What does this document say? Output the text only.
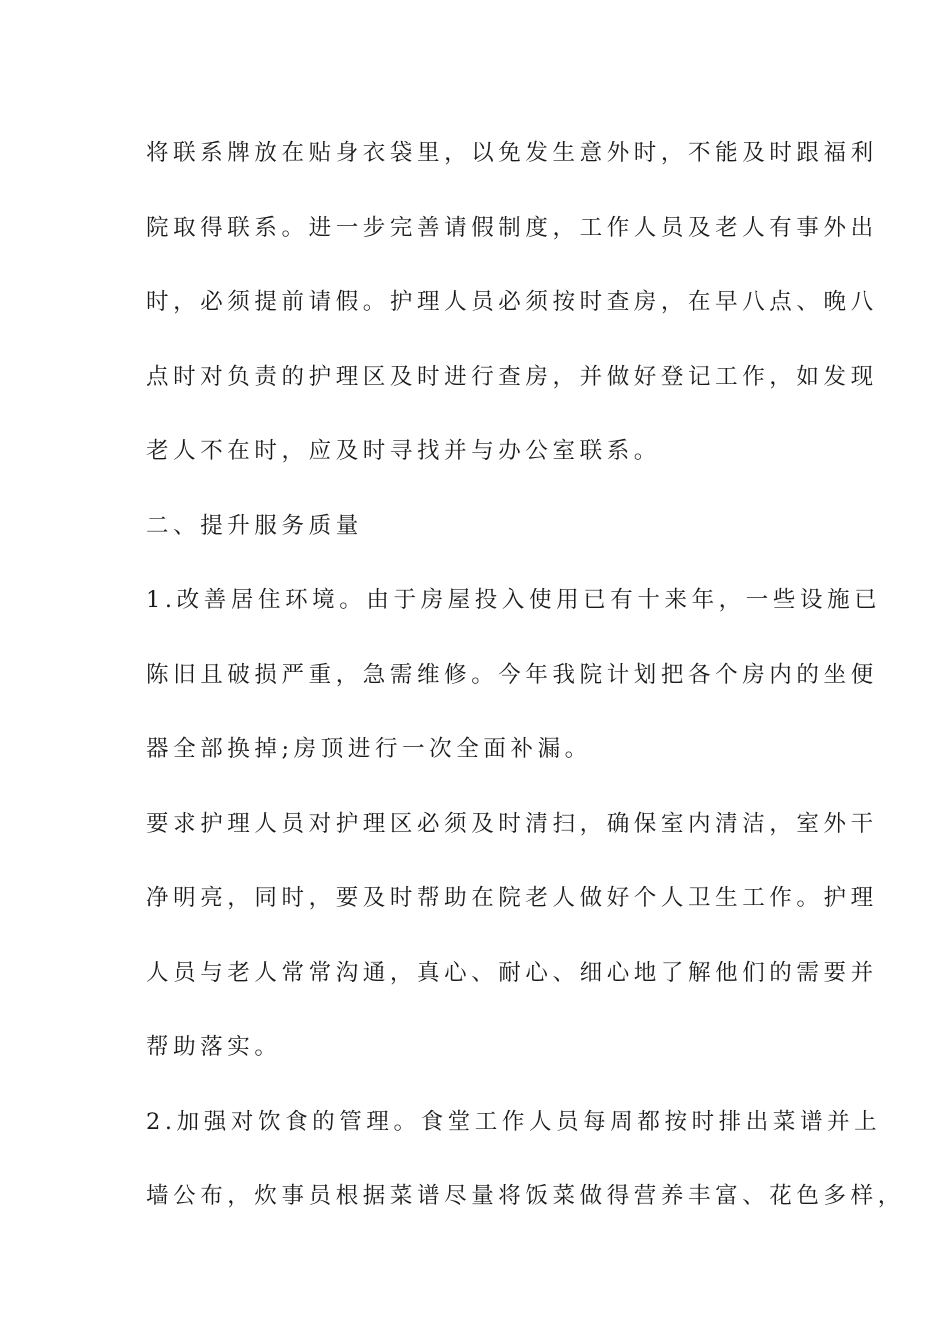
将联系牌放在贴身衣袋里，以免发生意外时，不能及时跟福利
院取得联系。进一步完善请假制度，工作人员及老人有事外出
时，必须提前请假。护理人员必须按时查房，在早八点、晚八
点时对负责的护理区及时进行查房，并做好登记工作，如发现
老人不在时，应及时寻找并与办公室联系。
二、提升服务质量
1.改善居住环境。由于房屋投入使用已有十来年，一些设施已
陈旧且破损严重，急需维修。今年我院计划把各个房内的坐便
器全部换掉;房顶进行一次全面补漏。
要求护理人员对护理区必须及时清扫，确保室内清洁，室外干
净明亮，同时，要及时帮助在院老人做好个人卫生工作。护理
人员与老人常常沟通，真心、耐心、细心地了解他们的需要并
帮助落实。
2.加强对饮食的管理。食堂工作人员每周都按时排出菜谱并上
墙公布，炊事员根据菜谱尽量将饭菜做得营养丰富、花色多样，
